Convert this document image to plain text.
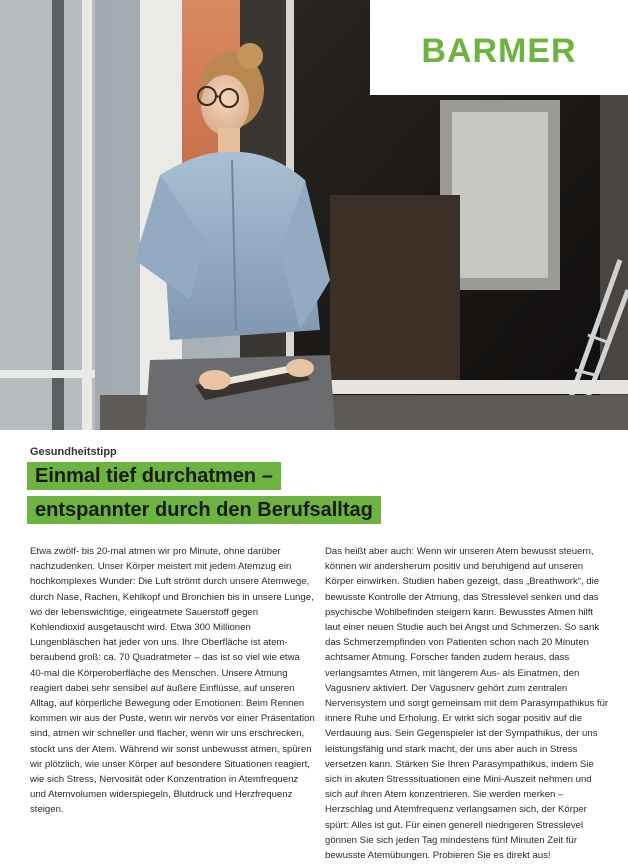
BARMER
Gesundheitstipp
Einmal tief durchatmen –
entspannter durch den Berufsalltag

Etwa zwölf- bis 20-mal atmen wir pro Minute, ohne darüber nachzudenken. Unser Körper meistert mit jedem Atemzug ein hochkomplexes Wunder: Die Luft strömt durch unsere Atemwege, durch Nase, Rachen, Kehlkopf und Bronchien bis in unsere Lunge, wo der lebenswichtige, eingeatmete Sauerstoff gegen Kohlendioxid ausgetauscht wird. Etwa 300 Millionen Lungenbläschen hat jeder von uns. Ihre Oberfläche ist atemberaubend groß: ca. 70 Quadratmeter – das ist so viel wie etwa 40-mal die Körperoberfläche des Menschen. Unsere Atmung reagiert dabei sehr sensibel auf äußere Einflüsse, auf unseren Alltag, auf körperliche Bewegung oder Emotionen: Beim Rennen kommen wir aus der Puste, wenn wir nervös vor einer Präsentation sind, atmen wir schneller und flacher, wenn wir uns erschrecken, stockt uns der Atem. Während wir sonst unbewusst atmen, spüren wir plötzlich, wie unser Körper auf besondere Situationen reagiert, wie sich Stress, Nervosität oder Konzentration in Atemfrequenz und Atemvolumen widerspiegeln, Blutdruck und Herzfrequenz steigen.

Das heißt aber auch: Wenn wir unseren Atem bewusst steuern, können wir andersherum positiv und beruhigend auf unseren Körper einwirken. Studien haben gezeigt, dass „Breathwork“, die bewusste Kontrolle der Atmung, das Stresslevel senken und das psychische Wohlbefinden steigern kann. Bewusstes Atmen hilft laut einer neuen Studie auch bei Angst und Schmerzen. So sank das Schmerzempfinden von Patienten schon nach 20 Minuten achtsamer Atmung. Forscher fanden zudem heraus, dass verlangsamtes Atmen, mit längerem Aus- als Einatmen, den Vagusnerv aktiviert. Der Vagusnerv gehört zum zentralen Nervensystem und sorgt gemeinsam mit dem Parasympathikus für innere Ruhe und Erholung. Er wirkt sich sogar positiv auf die Verdauung aus. Sein Gegenspieler ist der Sympathikus, der uns leistungsfähig und stark macht, der uns aber auch in Stress versetzen kann. Stärken Sie Ihren Parasympathikus, indem Sie sich in akuten Stresssituationen eine Mini-Auszeit nehmen und sich auf ihren Atem konzentrieren. Sie werden merken – Herzschlag und Atemfrequenz verlangsamen sich, der Körper spürt: Alles ist gut. Für einen generell niedrigeren Stresslevel gönnen Sie sich jeden Tag mindestens fünf Minuten Zeit für bewusste Atemübungen. Probieren Sie es direkt aus!
